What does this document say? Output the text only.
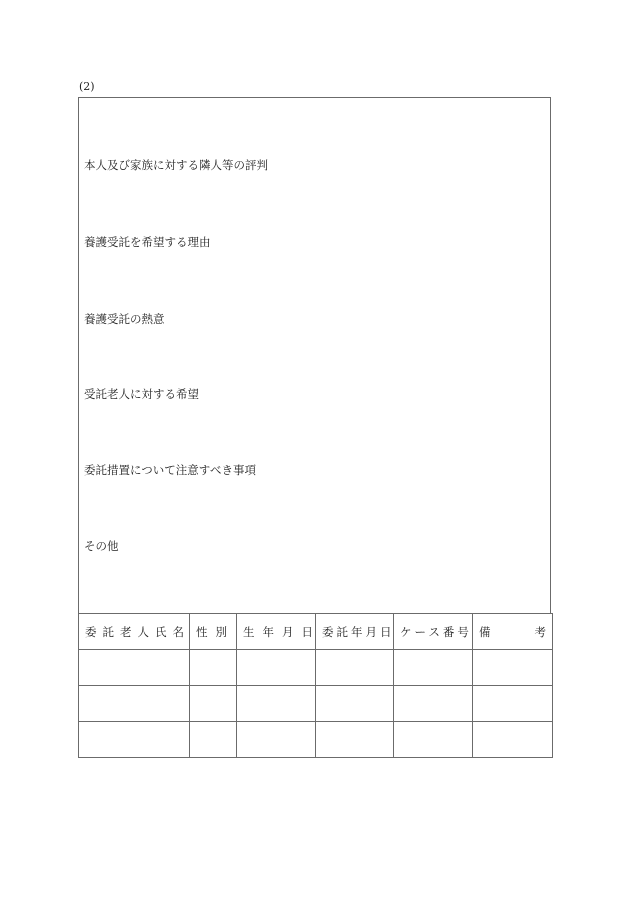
(2)
本人及び家族に対する隣人等の評判
養護受託を希望する理由
養護受託の熱意
受託老人に対する希望
委託措置について注意すべき事項
その他
委託老人氏名	性別	生年月日	委託年月日	ケース番号	備 考
